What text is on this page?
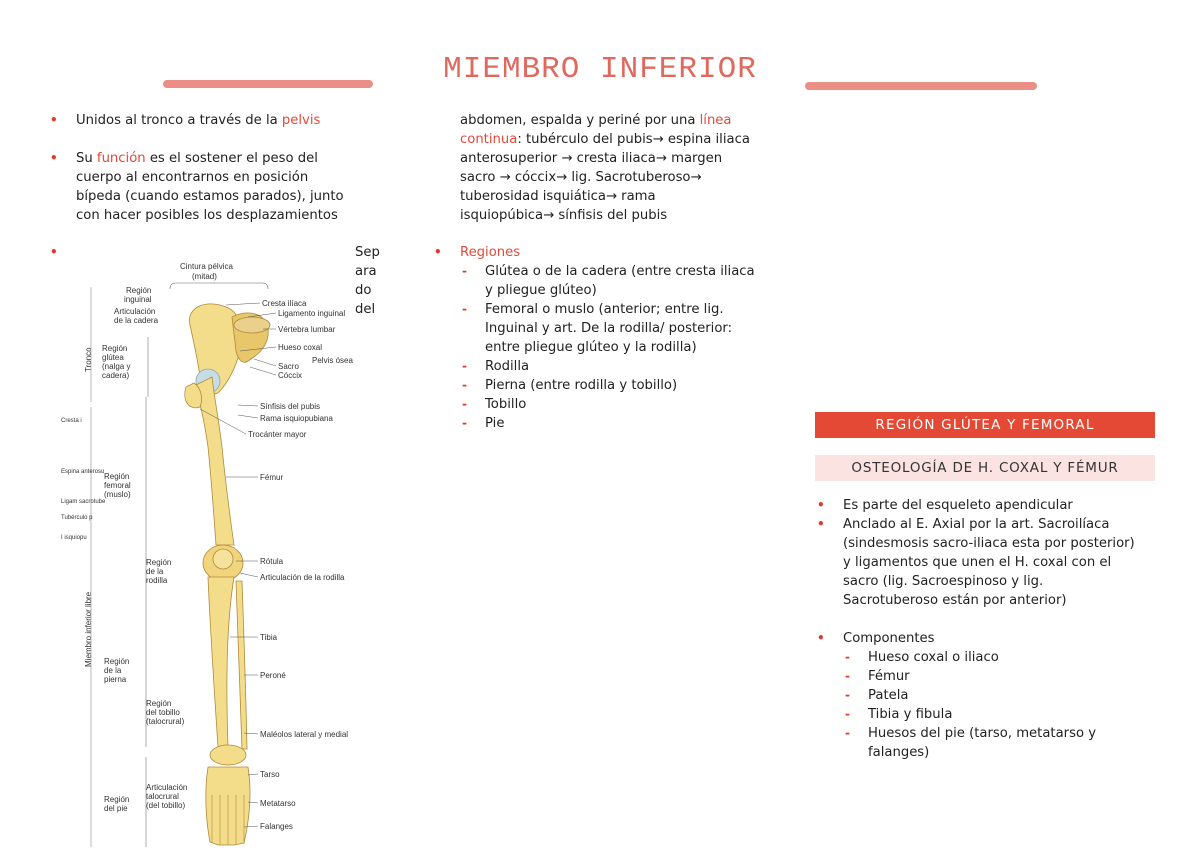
MIEMBRO INFERIOR
• Unidos al tronco a través de la pelvis
• Su función es el sostener el peso del cuerpo al encontrarnos en posición bípeda (cuando estamos parados), junto con hacer posibles los desplazamientos
•	Sep
ara
do
del
Tronco
Miembro inferior libre
Cresta i
Espina anterosu
Ligam sacrotube
Tubérculo p
I isquiopu
Cintura pélvica
(mitad)
Región
inguinal
Articulación
de la cadera
Región
glútea
(nalga y
cadera)
Región
femoral
(muslo)
Región
de la
rodilla
Región
de la
pierna
Región
del tobillo
(talocrural)
Articulación
talocrural
(del tobillo)
Región
del pie
Cresta ilíaca
Ligamento inguinal
Vértebra lumbar
Hueso coxal
Sacro
Cóccix
Pelvis ósea
Sínfisis del pubis
Rama isquiopubiana
Trocánter mayor
Fémur
Rótula
Articulación de la rodilla
Tibia
Peroné
Maléolos lateral y medial
Tarso
Metatarso
Falanges
abdomen, espalda y periné por una línea continua: tubérculo del pubis→ espina iliaca anterosuperior → cresta iliaca→ margen sacro → cóccix→ lig. Sacrotuberoso→ tuberosidad isquiática→ rama isquiopúbica→ sínfisis del pubis
• Regiones
- Glútea o de la cadera (entre cresta iliaca y pliegue glúteo)
- Femoral o muslo (anterior; entre lig. Inguinal y art. De la rodilla/ posterior: entre pliegue glúteo y la rodilla)
- Rodilla
- Pierna (entre rodilla y tobillo)
- Tobillo
- Pie	REGIÓN GLÚTEA Y FEMORAL
OSTEOLOGÍA DE H. COXAL Y FÉMUR
• Es parte del esqueleto apendicular
• Anclado al E. Axial por la art. Sacroilíaca (sindesmosis sacro-iliaca esta por posterior) y ligamentos que unen el H. coxal con el sacro (lig. Sacroespinoso y lig. Sacrotuberoso están por anterior)
• Componentes
- Hueso coxal o iliaco
- Fémur
- Patela
- Tibia y fibula
- Huesos del pie (tarso, metatarso y falanges)
